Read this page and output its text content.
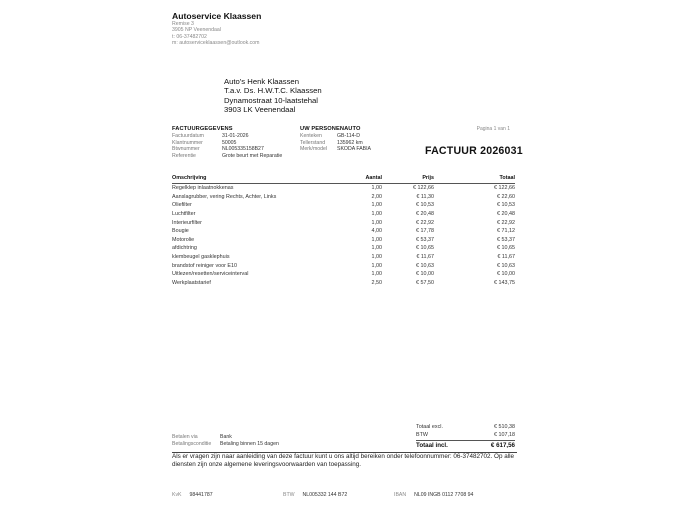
Autoservice Klaassen
Remise 3
3905 NP Veenendaal
t: 06-37482702
m: autoserviceklaassen@outlook.com
Auto's Henk Klaassen
T.a.v. Ds. H.W.T.C. Klaassen
Dynamostraat 10-laatstehal
3903 LK Veenendaal
FACTUURGEGEVENS
Factuurdatum	31-01-2026
Klantnummer	50005
Btwnummer	NL005335158B27
Referentie	Grote beurt met Reparatie
UW PERSONENAUTO
Kenteken	GB-114-D
Tellerstand 135962 km
Merk/model SKODA FABIA
Pagina 1 van 1
FACTUUR 2026031
Omschrijving	Aantal	Prijs	Totaal
Regelklep inlaatnokkenas	1,00	€ 122,66	€ 122,66
Aanslagrubber, vering Rechts, Achter, Links	2,00	€ 11,30	€ 22,60
Oliefilter	1,00	€ 10,53	€ 10,53
Luchtfilter	1,00	€ 20,48	€ 20,48
Interieurfilter	1,00	€ 22,92	€ 22,92
Bougie	4,00	€ 17,78	€ 71,12
Motorolie	1,00	€ 53,37	€ 53,37
afdichtring	1,00	€ 10,65	€ 10,65
klembeugel gasklephuis	1,00	€ 11,67	€ 11,67
brandstof reiniger voor E10	1,00	€ 10,63	€ 10,63
Uitlezen/resetten/serviceinterval	1,00	€ 10,00	€ 10,00
Werkplaatstarief	2,50	€ 57,50	€ 143,75
Totaal excl.	€ 510,38
BTW	€ 107,18
Totaal incl.	€ 617,56
Betalen via	Bank
Betalingsconditie Betaling binnen 15 dagen
Als er vragen zijn naar aanleiding van deze factuur kunt u ons altijd bereiken onder telefoonnummer: 06-37482702. Op alle diensten zijn onze algemene leveringsvoorwaarden van toepassing.
KvK 98441787	BTW NL005332 144 B72	IBAN NL09 INGB 0112 7708 94
